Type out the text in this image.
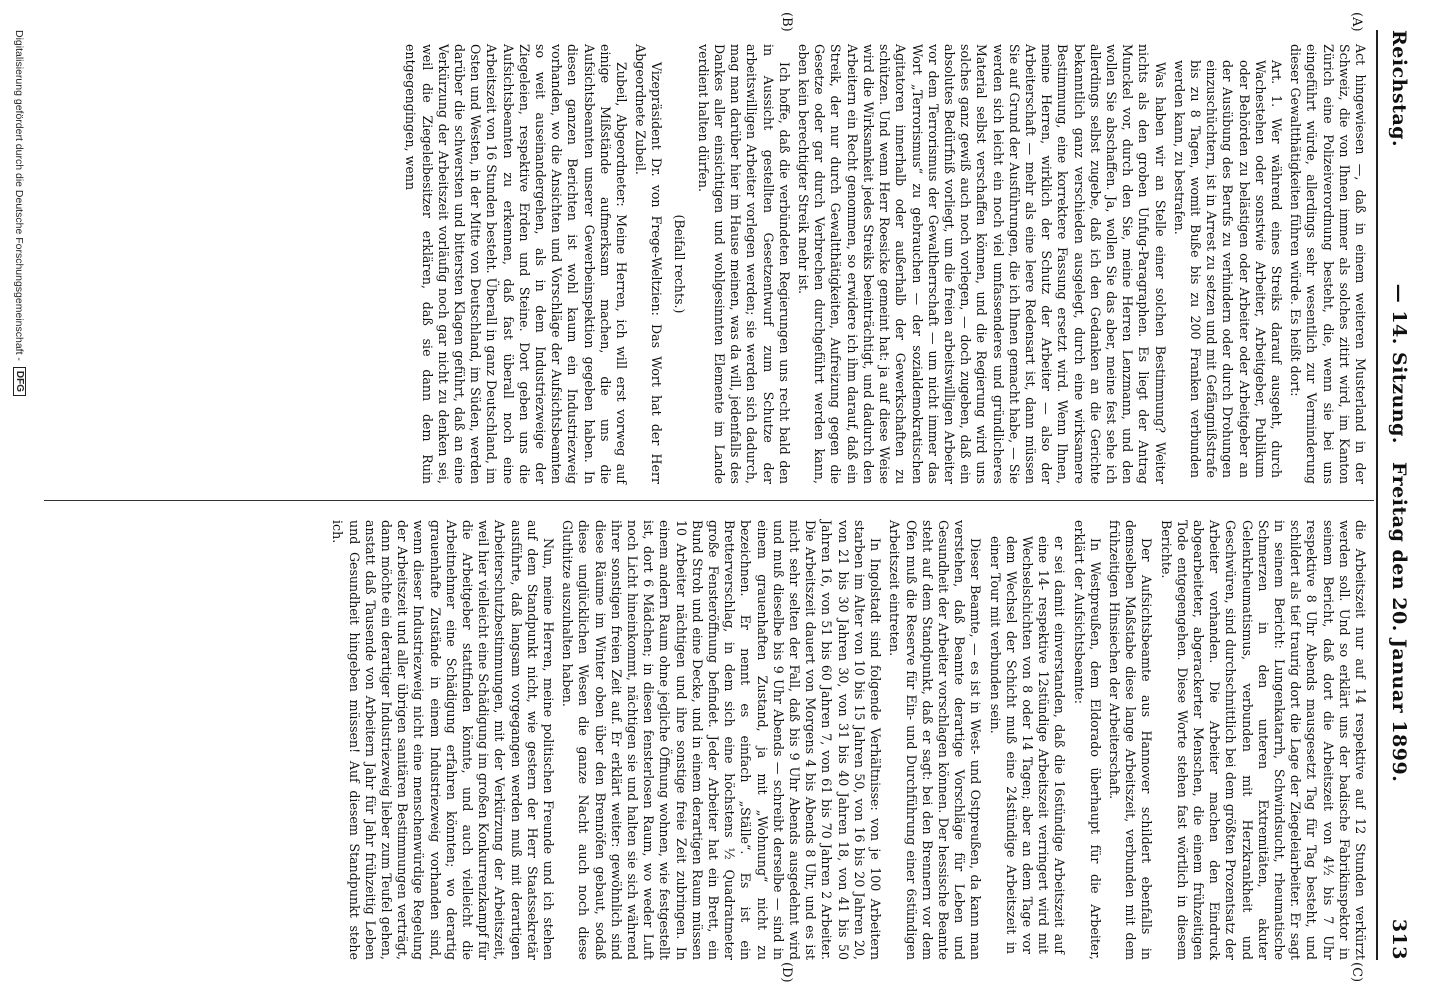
Reichstag.
— 14. Sitzung.
Freitag den 20. Januar 1899.
313
(A)
(B)
(C)
(D)

Act hingewiesen —, daß in einem weiteren Musterland in der Schweiz, die von Ihnen immer als solches zitirt wird, im Kanton Zürich eine Polizeiverordnung besteht, die, wenn sie bei uns eingeführt würde, allerdings sehr wesentlich zur Verminderung dieser Gewaltthätigkeiten führen würde. Es heißt dort:

Art. 1. Wer während eines Streiks darauf ausgeht, durch Wachestehen oder sonstwie Arbeiter, Arbeitgeber, Publikum oder Behörden zu belästigen oder Arbeiter oder Arbeitgeber an der Ausübung des Berufs zu verhindern oder durch Drohungen einzuschüchtern, ist in Arrest zu setzen und mit Gefängnißstrafe bis zu 8 Tagen, womit Buße bis zu 200 Franken verbunden werden kann, zu bestrafen.

Was haben wir an Stelle einer solchen Bestimmung? Weiter nichts als den groben Unfug-Paragraphen. Es liegt der Antrag Munckel vor, durch den Sie, meine Herren Lenzmann, und den wollen Sie abschaffen. Ja, wollen Sie das aber, meine fest sehe ich allerdings selbst zugebe, daß ich den Gedanken an die Gerichte bekanntlich ganz verschieden ausgelegt, durch eine wirksamere Bestimmung, eine korrektere Fassung ersetzt wird. Wenn Ihnen, meine Herren, wirklich der Schutz der Arbeiter — also der Arbeiterschaft — mehr als eine leere Redensart ist, dann müssen Sie auf Grund der Ausführungen, die ich Ihnen gemacht habe, — Sie werden sich leicht ein noch viel umfassenderes und gründlicheres Material selbst verschaffen können, und die Regierung wird uns solches ganz gewiß auch noch vorlegen, — doch zugeben, daß ein absolutes Bedürfniß vorliegt, um die freien arbeitswilligen Arbeiter vor dem Terrorismus der Gewaltherrschaft — um nicht immer das Wort „Terrorismus“ zu gebrauchen — der sozialdemokratischen Agitatoren innerhalb oder außerhalb der Gewerkschaften zu schützen. Und wenn Herr Roesicke gemeint hat: ja auf diese Weise wird die Wirksamkeit jedes Streiks beeinträchtigt, und dadurch den Arbeitern ein Recht genommen, so erwidere ich ihm darauf, daß ein Streik, der nur durch Gewaltthätigkeiten, Aufreizung gegen die Gesetze oder gar durch Verbrechen durchgeführt werden kann, eben kein berechtigter Streik mehr ist.

Ich hoffe, daß die verbündeten Regierungen uns recht bald den in Aussicht gestellten Gesetzentwurf zum Schutze der arbeitswilligen Arbeiter vorlegen werden; sie werden sich dadurch, mag man darüber hier im Hause meinen, was da will, jedenfalls des Dankes aller einsichtigen und wohlgesinnten Elemente im Lande verdient halten dürfen.

(Beifall rechts.)

Vizepräsident Dr. von Frege-Weltzien: Das Wort hat der Herr Abgeordnete Zubeil.

Zubeil, Abgeordneter: Meine Herren, ich will erst vorweg auf einige Mißstände aufmerksam machen, die uns die Aufsichtsbeamten unserer Gewerbeinspektion gegeben haben. In diesen ganzen Berichten ist wohl kaum ein Industriezweig vorhanden, wo die Ansichten und Vorschläge der Aufsichtsbeamten so weit auseinandergehen, als in dem Industriezweige der Ziegeleien, respektive Erden und Steine. Dort geben uns die Aufsichtsbeamten zu erkennen, daß fast überall noch eine Arbeitszeit von 16 Stunden besteht. Überall in ganz Deutschland, im Osten und Westen, in der Mitte von Deutschland, im Süden, werden darüber die schwersten und bittersten Klagen geführt, daß an eine Verkürzung der Arbeitszeit vorläufig noch gar nicht zu denken sei, weil die Ziegeleibesitzer erklären, daß sie dann dem Ruin entgegengingen, wenn

die Arbeitszeit nur auf 14 respektive auf 12 Stunden verkürzt werden soll. Und so erklärt uns der badische Fabrikinspektor in seinem Bericht, daß dort die Arbeitszeit von 4½ bis 7 Uhr respektive 8 Uhr Abends mausgesetzt Tag für Tag besteht, und schildert als tief traurig dort die Lage der Ziegeleiarbeiter. Er sagt in seinem Bericht: Lungenkatarrh, Schwindsucht, rheumatische Schmerzen in den unteren Extremitäten, akuter Gelenkrheumatismus, verbunden mit Herzkrankheit und Geschwüren, sind durchschnittlich bei dem größten Prozentsatz der Arbeiter vorhanden. Die Arbeiter machen den Eindruck abgearbeiteter, abgerackerter Menschen, die einem frühzeitigen Tode entgegengehen. Diese Worte stehen fast wörtlich in diesem Berichte.

Der Aufsichtsbeamte aus Hannover schildert ebenfalls in demselben Maßstabe diese lange Arbeitszeit, verbunden mit dem frühzeitigen Hinsiechen der Arbeiterschaft.

In Westpreußen, dem Eldorado überhaupt für die Arbeiter, erklärt der Aufsichtsbeamte:

er sei damit einverstanden, daß die 16stündige Arbeitszeit auf eine 14- respektive 12stündige Arbeitszeit verringert wird mit Wechselschichten von 8 oder 14 Tagen; aber an dem Tage vor dem Wechsel der Schicht muß eine 24stündige Arbeitszeit in einer Tour mit verbunden sein.

Dieser Beamte, — es ist in West- und Ostpreußen, da kann man verstehen, daß Beamte derartige Vorschläge für Leben und Gesundheit der Arbeiter vorschlagen können. Der hessische Beamte steht auf dem Standpunkt, daß er sagt: bei den Brennern vor dem Ofen muß die Reserve für Ein- und Durchführung einer 6stündigen Arbeitszeit eintreten.

In Ingolstadt sind folgende Verhältnisse: von je 100 Arbeitern starben im Alter von 10 bis 15 Jahren 50, von 16 bis 20 Jahren 20, von 21 bis 30 Jahren 30, von 31 bis 40 Jahren 18, von 41 bis 50 Jahren 16, von 51 bis 60 Jahren 7, von 61 bis 70 Jahren 2 Arbeiter. Die Arbeitszeit dauert von Morgens 4 bis Abends 8 Uhr, und es ist nicht sehr selten der Fall, daß bis 9 Uhr Abends ausgedehnt wird und muß dieselbe bis 9 Uhr Abends — schreibt derselbe — sind in einem grauenhaften Zustand, ja mit „Wohnung“ nicht zu bezeichnen. Er nennt es einfach „Ställe“. Es ist ein Bretterverschlag, in dem sich eine höchstens ½ Quadratmeter große Fensteröffnung befindet. Jeder Arbeiter hat ein Brett, ein Bund Stroh und eine Decke, und in einem derartigen Raum müssen 10 Arbeiter nächtigen und ihre sonstige freie Zeit zubringen. In einem andern Raum ohne jegliche Öffnung wohnen, wie festgestellt ist, dort 6 Mädchen; in diesen fensterlosen Raum, wo weder Luft noch Licht hineinkommt, nächtigen sie und halten sie sich während ihrer sonstigen freien Zeit auf. Er erklärt weiter: gewöhnlich sind diese Räume im Winter oben über den Brennöfen gebaut, sodaß diese unglücklichen Wesen die ganze Nacht auch noch diese Gluthitze auszuhalten haben.

Nun, meine Herren, meine politischen Freunde und ich stehen auf dem Standpunkt nicht, wie gestern der Herr Staatssekretär ausführte, daß langsam vorgegangen werden muß mit derartigen Arbeiterschutzbestimmungen, mit der Verkürzung der Arbeitszeit, weil hier vielleicht eine Schädigung im großen Konkurrenzkampf für die Arbeitgeber stattfinden könnte, und auch vielleicht die Arbeitnehmer eine Schädigung erfahren könnten; wo derartig grauenhafte Zustände in einem Industriezweig vorhanden sind, wenn dieser Industriezweig nicht eine menschenwürdige Regelung der Arbeitszeit und aller übrigen sanitären Bestimmungen verträgt, dann möchte ein derartiger Industriezweig lieber zum Teufel gehen, anstatt daß Tausende von Arbeitern Jahr für Jahr frühzeitig Leben und Gesundheit hingeben müssen! Auf diesem Standpunkt stehe ich.

Digitalisierung gefördert durch die Deutsche Forschungsgemeinschaft -
DFG
